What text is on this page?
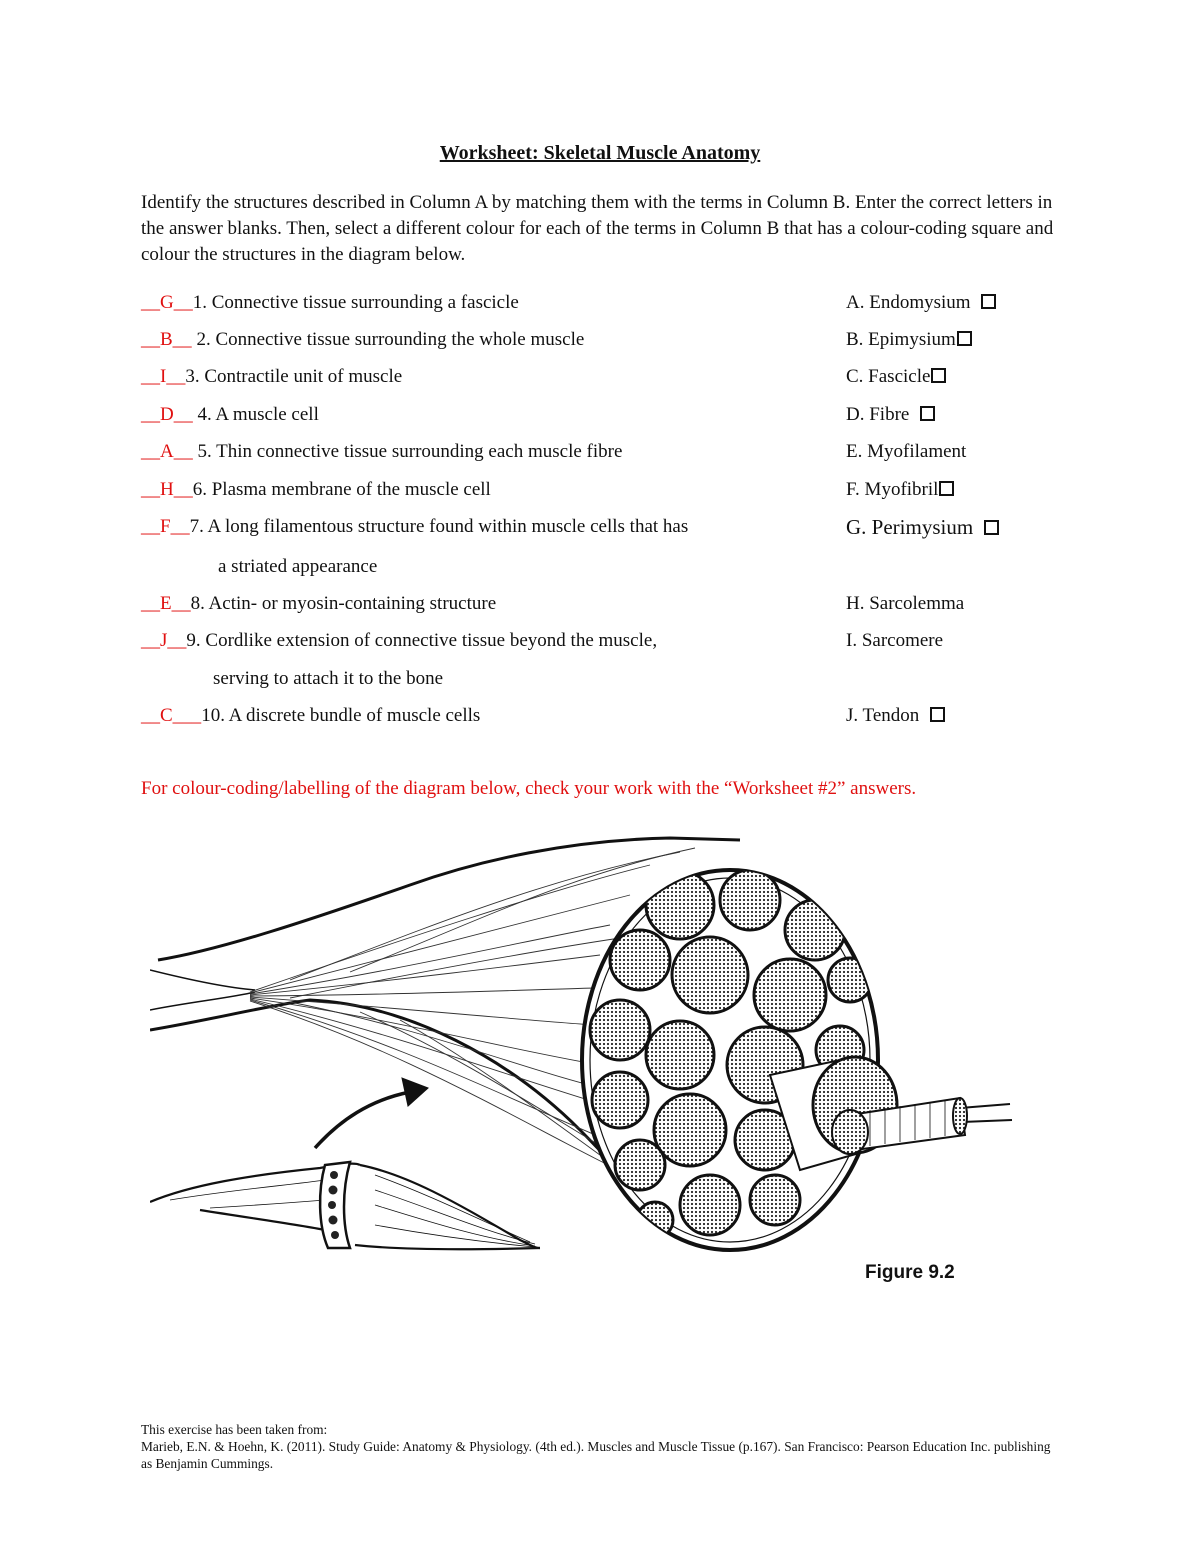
Worksheet: Skeletal Muscle Anatomy
Identify the structures described in Column A by matching them with the terms in Column B. Enter the correct letters in the answer blanks. Then, select a different colour for each of the terms in Column B that has a colour-coding square and colour the structures in the diagram below.
__G__1. Connective tissue surrounding a fascicle
__B__ 2. Connective tissue surrounding the whole muscle
__I__3. Contractile unit of muscle
__D__ 4. A muscle cell
__A__ 5. Thin connective tissue surrounding each muscle fibre
__H__6. Plasma membrane of the muscle cell
__F__7. A long filamentous structure found within muscle cells that has
a striated appearance
__E__8. Actin- or myosin-containing structure
__J__9. Cordlike extension of connective tissue beyond the muscle,
serving to attach it to the bone
__C___10. A discrete bundle of muscle cells
A. Endomysium
B. Epimysium
C. Fascicle
D. Fibre
E. Myofilament
F. Myofibril
G. Perimysium
H. Sarcolemma
I. Sarcomere
J. Tendon
For colour-coding/labelling of the diagram below, check your work with the “Worksheet #2” answers.
Figure 9.2
This exercise has been taken from:
Marieb, E.N. & Hoehn, K. (2011). Study Guide: Anatomy & Physiology. (4th ed.). Muscles and Muscle Tissue (p.167). San Francisco: Pearson Education Inc. publishing as Benjamin Cummings.
